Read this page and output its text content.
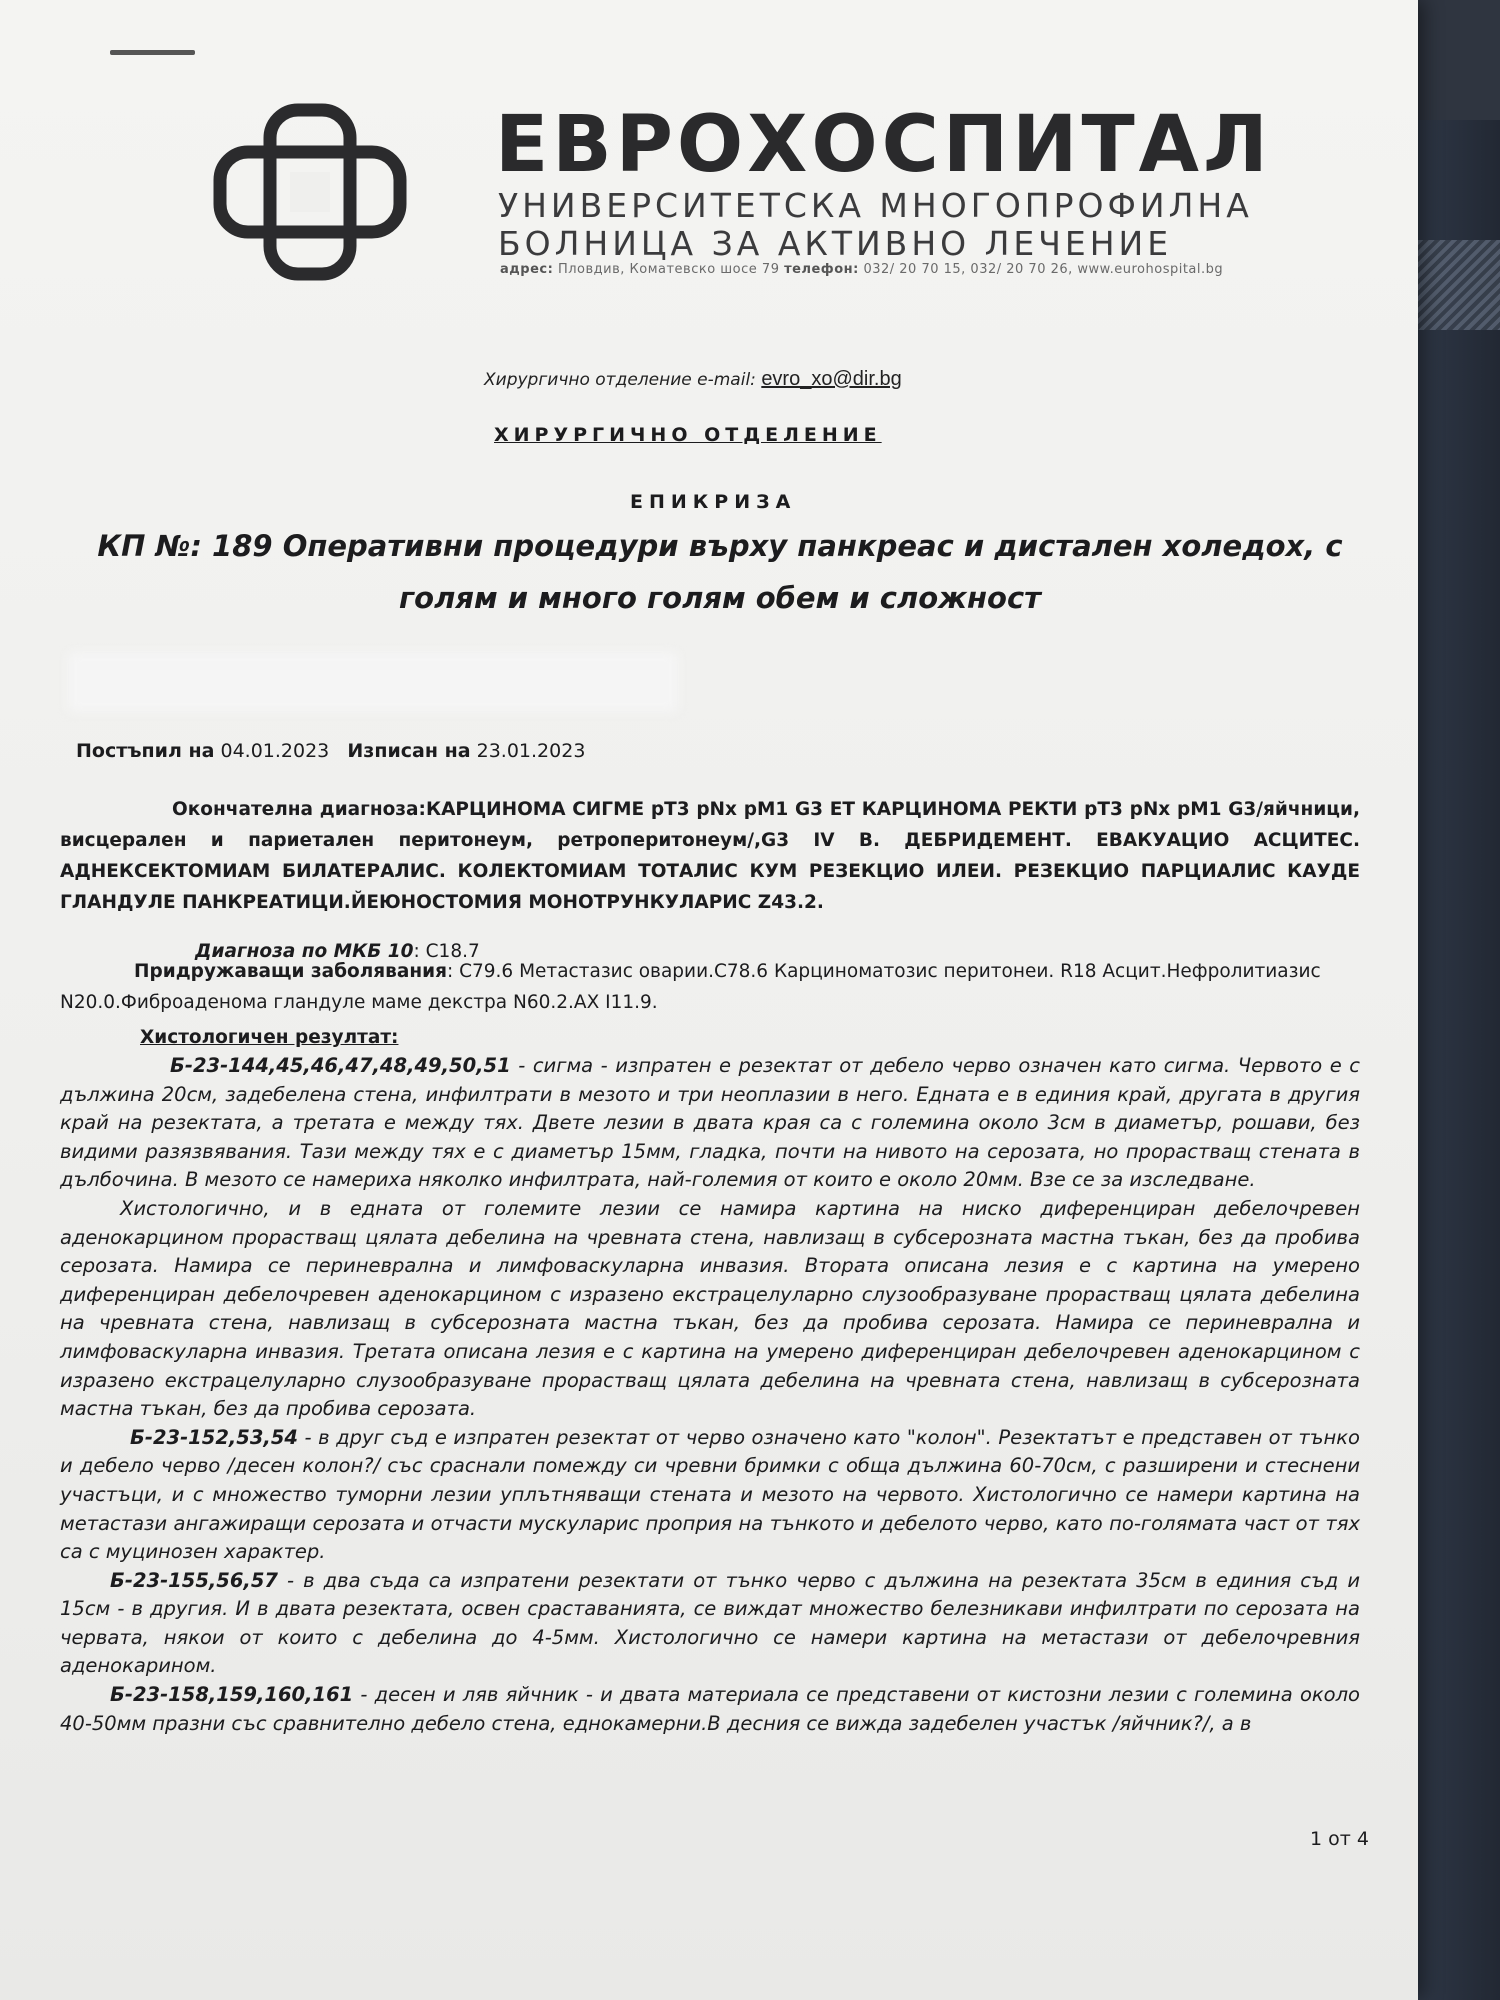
ЕВРОХОСПИТАЛ
УНИВЕРСИТЕТСКА МНОГОПРОФИЛНА
БОЛНИЦА ЗА АКТИВНО ЛЕЧЕНИЕ
адрес: Пловдив, Коматевско шосе 79 телефон: 032/ 20 70 15, 032/ 20 70 26, www.eurohospital.bg
Хирургично отделение e-mail: evro_xo@dir.bg
ХИРУРГИЧНО ОТДЕЛЕНИЕ
ЕПИКРИЗА
КП №: 189 Оперативни процедури върху панкреас и дистален холедох, с голям и много голям обем и сложност
Постъпил на 04.01.2023 Изписан на 23.01.2023
Окончателна диагноза:КАРЦИНОМА СИГМЕ pT3 pNx pM1 G3 ЕТ КАРЦИНОМА РЕКТИ pT3 pNx pM1 G3/яйчници, висцерален и париетален перитонеум, ретроперитонеум/,G3 IV B. ДЕБРИДЕМЕНТ. ЕВАКУАЦИО АСЦИТЕС. АДНЕКСЕКТОМИАМ БИЛАТЕРАЛИС. КОЛЕКТОМИАМ ТОТАЛИС КУМ РЕЗЕКЦИО ИЛЕИ. РЕЗЕКЦИО ПАРЦИАЛИС КАУДЕ ГЛАНДУЛЕ ПАНКРЕАТИЦИ.ЙЕЮНОСТОМИЯ МОНОТРУНКУЛАРИС Z43.2.
Диагноза по МКБ 10: C18.7
Придружаващи заболявания: C79.6 Метастазис оварии.C78.6 Карциноматозис перитонеи. R18 Асцит.Нефролитиазис N20.0.Фиброаденома глaндуле маме декстра N60.2.AX I11.9.
Хистологичен резултат:

Б-23-144,45,46,47,48,49,50,51 - сигма - изпратен е резектат от дебело черво означен като сигма. Червото е с дължина 20см, задебелена стена, инфилтрати в мезото и три неоплазии в него. Едната е в единия край, другата в другия край на резектата, а третата е между тях. Двете лезии в двата края са с големина около 3см в диаметър, рошави, без видими разязвявания. Тази между тях е с диаметър 15мм, гладка, почти на нивото на серозата, но прорастващ стената в дълбочина. В мезото се намериха няколко инфилтрата, най-големия от които е около 20мм. Взе се за изследване.

Хистологично, и в едната от големите лезии се намира картина на ниско диференциран дебелочревен аденокарцином прорастващ цялата дебелина на чревната стена, навлизащ в субсерозната мастна тъкан, без да пробива серозата. Намира се периневрална и лимфоваскуларна инвазия. Втората описана лезия е с картина на умерено диференциран дебелочревен аденокарцином с изразено екстрацелуларно слузообразуване прорастващ цялата дебелина на чревната стена, навлизащ в субсерозната мастна тъкан, без да пробива серозата. Намира се периневрална и лимфоваскуларна инвазия. Третата описана лезия е с картина на умерено диференциран дебелочревен аденокарцином с изразено екстрацелуларно слузообразуване прорастващ цялата дебелина на чревната стена, навлизащ в субсерозната мастна тъкан, без да пробива серозата.

Б-23-152,53,54 - в друг съд е изпратен резектат от черво означено като "колон". Резектатът е представен от тънко и дебело черво /десен колон?/ със сраснали помежду си чревни бримки с обща дължина 60-70см, с разширени и стеснени участъци, и с множество туморни лезии уплътняващи стената и мезото на червото. Хистологично се намери картина на метастази ангажиращи серозата и отчасти мускуларис проприя на тънкото и дебелото черво, като по-голямата част от тях са с муцинозен характер.

Б-23-155,56,57 - в два съда са изпратени резектати от тънко черво с дължина на резектата 35см в единия съд и 15см - в другия. И в двата резектата, освен сраставанията, се виждат множество белезникави инфилтрати по серозата на червата, някои от които с дебелина до 4-5мм. Хистологично се намери картина на метастази от дебелочревния аденокарином.

Б-23-158,159,160,161 - десен и ляв яйчник - и двата материала се представени от кистозни лезии с големина около 40-50мм празни със сравнително дебело стена, еднокамерни.В десния се вижда задебелен участък /яйчник?/, а в

1 от 4
